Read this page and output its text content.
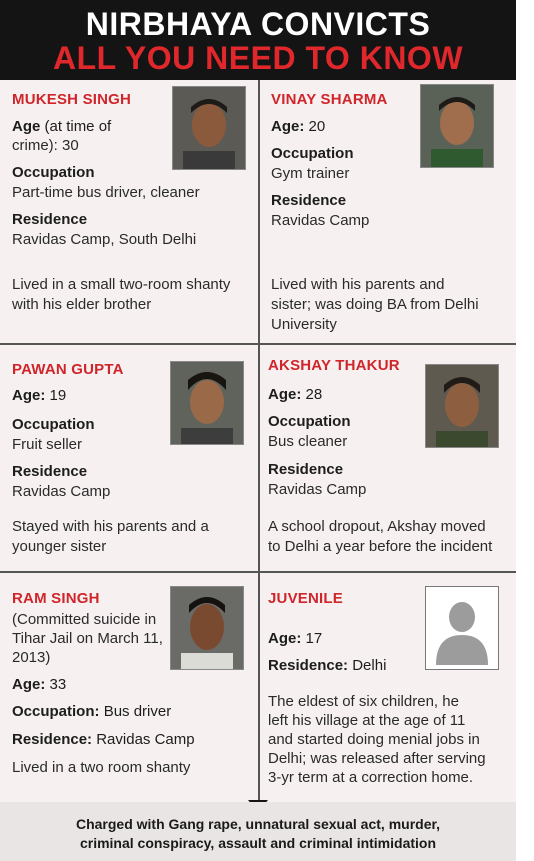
NIRBHAYA CONVICTS
ALL YOU NEED TO KNOW
MUKESH SINGH
Age (at time of
crime): 30
Occupation
Part-time bus driver, cleaner
Residence
Ravidas Camp, South Delhi
Lived in a small two-room shanty
with his elder brother
VINAY SHARMA
Age: 20
Occupation
Gym trainer
Residence
Ravidas Camp
Lived with his parents and
sister; was doing BA from Delhi
University
PAWAN GUPTA
Age: 19
Occupation
Fruit seller
Residence
Ravidas Camp
Stayed with his parents and a
younger sister
AKSHAY THAKUR
Age: 28
Occupation
Bus cleaner
Residence
Ravidas Camp
A school dropout, Akshay moved
to Delhi a year before the incident
RAM SINGH
(Committed suicide in
Tihar Jail on March 11,
2013)
Age: 33
Occupation: Bus driver
Residence: Ravidas Camp
Lived in a two room shanty
JUVENILE
Age: 17
Residence: Delhi
The eldest of six children, he
left his village at the age of 11
and started doing menial jobs in
Delhi; was released after serving
3-yr term at a correction home.
Charged with Gang rape, unnatural sexual act, murder,
criminal conspiracy, assault and criminal intimidation
